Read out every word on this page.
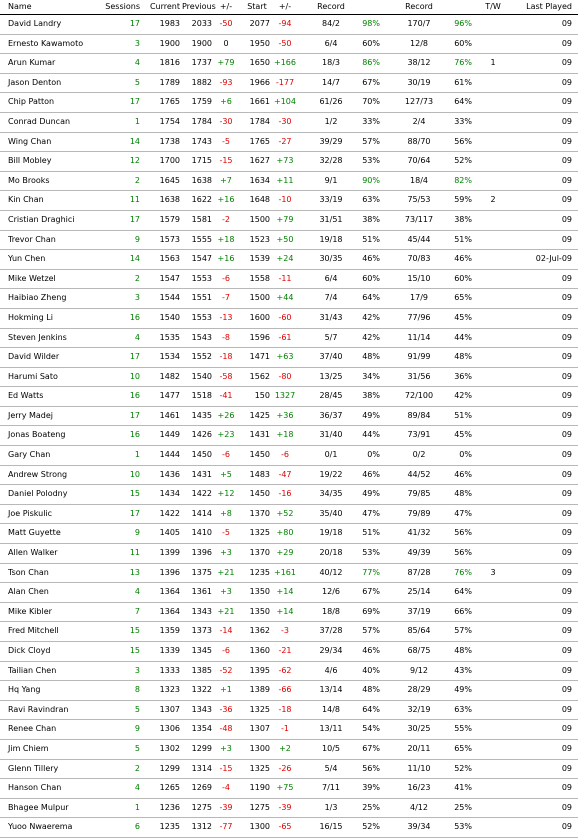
Name	Sessions	Current Previous +/-	Start	+/-	Record	Record	T/W	Last Played
David Landry	17	1983	2033 -50	2077	-94	84/2	98%	170/7	96%	09
Ernesto Kawamoto	3	1900	1900	0	1950	-50	6/4	60%	12/8	60%	09
Arun Kumar	4	1816	1737 +79	1650 +166	18/3	86%	38/12	76%	1	09
Jason Denton	5	1789	1882 -93	1966 -177	14/7	67%	30/19	61%	09
Chip Patton	17	1765	1759	+6	1661 +104	61/26	70%	127/73	64%	09
Conrad Duncan	1	1754	1784 -30	1784	-30	1/2	33%	2/4	33%	09
Wing Chan	14	1738	1743	-5	1765	-27	39/29	57%	88/70	56%	09
Bill Mobley	12	1700	1715 -15	1627 +73	32/28	53%	70/64	52%	09
Mo Brooks	2	1645	1638	+7	1634 +11	9/1	90%	18/4	82%	09
Kin Chan	11	1638	1622 +16	1648	-10	33/19	63%	75/53	59%	2	09
Cristian Draghici	17	1579	1581	-2	1500 +79	31/51	38%	73/117	38%	09
Trevor Chan	9	1573	1555 +18	1523 +50	19/18	51%	45/44	51%	09
Yun Chen	14	1563	1547 +16	1539 +24	30/35	46%	70/83	46%	02-Jul-09
Mike Wetzel	2	1547	1553	-6	1558	-11	6/4	60%	15/10	60%	09
Haibiao Zheng	3	1544	1551	-7	1500 +44	7/4	64%	17/9	65%	09
Hokming Li	16	1540	1553 -13	1600	-60	31/43	42%	77/96	45%	09
Steven Jenkins	4	1535	1543	-8	1596	-61	5/7	42%	11/14	44%	09
David Wilder	17	1534	1552 -18	1471 +63	37/40	48%	91/99	48%	09
Harumi Sato	10	1482	1540 -58	1562	-80	13/25	34%	31/56	36%	09
Ed Watts	16	1477	1518 -41	150 1327	28/45	38%	72/100	42%	09
Jerry Madej	17	1461	1435 +26	1425 +36	36/37	49%	89/84	51%	09
Jonas Boateng	16	1449	1426 +23	1431 +18	31/40	44%	73/91	45%	09
Gary Chan	1	1444	1450	-6	1450	-6	0/1	0%	0/2	0%	09
Andrew Strong	10	1436	1431	+5	1483	-47	19/22	46%	44/52	46%	09
Daniel Polodny	15	1434	1422 +12	1450	-16	34/35	49%	79/85	48%	09
Joe Piskulic	17	1422	1414	+8	1370 +52	35/40	47%	79/89	47%	09
Matt Guyette	9	1405	1410	-5	1325 +80	19/18	51%	41/32	56%	09
Allen Walker	11	1399	1396	+3	1370 +29	20/18	53%	49/39	56%	09
Tson Chan	13	1396	1375 +21	1235 +161	40/12	77%	87/28	76%	3	09
Alan Chen	4	1364	1361	+3	1350 +14	12/6	67%	25/14	64%	09
Mike Kibler	7	1364	1343 +21	1350 +14	18/8	69%	37/19	66%	09
Fred Mitchell	15	1359	1373 -14	1362	-3	37/28	57%	85/64	57%	09
Dick Cloyd	15	1339	1345	-6	1360	-21	29/34	46%	68/75	48%	09
Tailian Chen	3	1333	1385 -52	1395	-62	4/6	40%	9/12	43%	09
Hq Yang	8	1323	1322	+1	1389	-66	13/14	48%	28/29	49%	09
Ravi Ravindran	5	1307	1343 -36	1325	-18	14/8	64%	32/19	63%	09
Renee Chan	9	1306	1354 -48	1307	-1	13/11	54%	30/25	55%	09
Jim Chiem	5	1302	1299	+3	1300	+2	10/5	67%	20/11	65%	09
Glenn Tillery	2	1299	1314 -15	1325	-26	5/4	56%	11/10	52%	09
Hanson Chan	4	1265	1269	-4	1190 +75	7/11	39%	16/23	41%	09
Bhagee Mulpur	1	1236	1275 -39	1275	-39	1/3	25%	4/12	25%	09
Yuoo Nwaerema	6	1235	1312 -77	1300	-65	16/15	52%	39/34	53%	09
